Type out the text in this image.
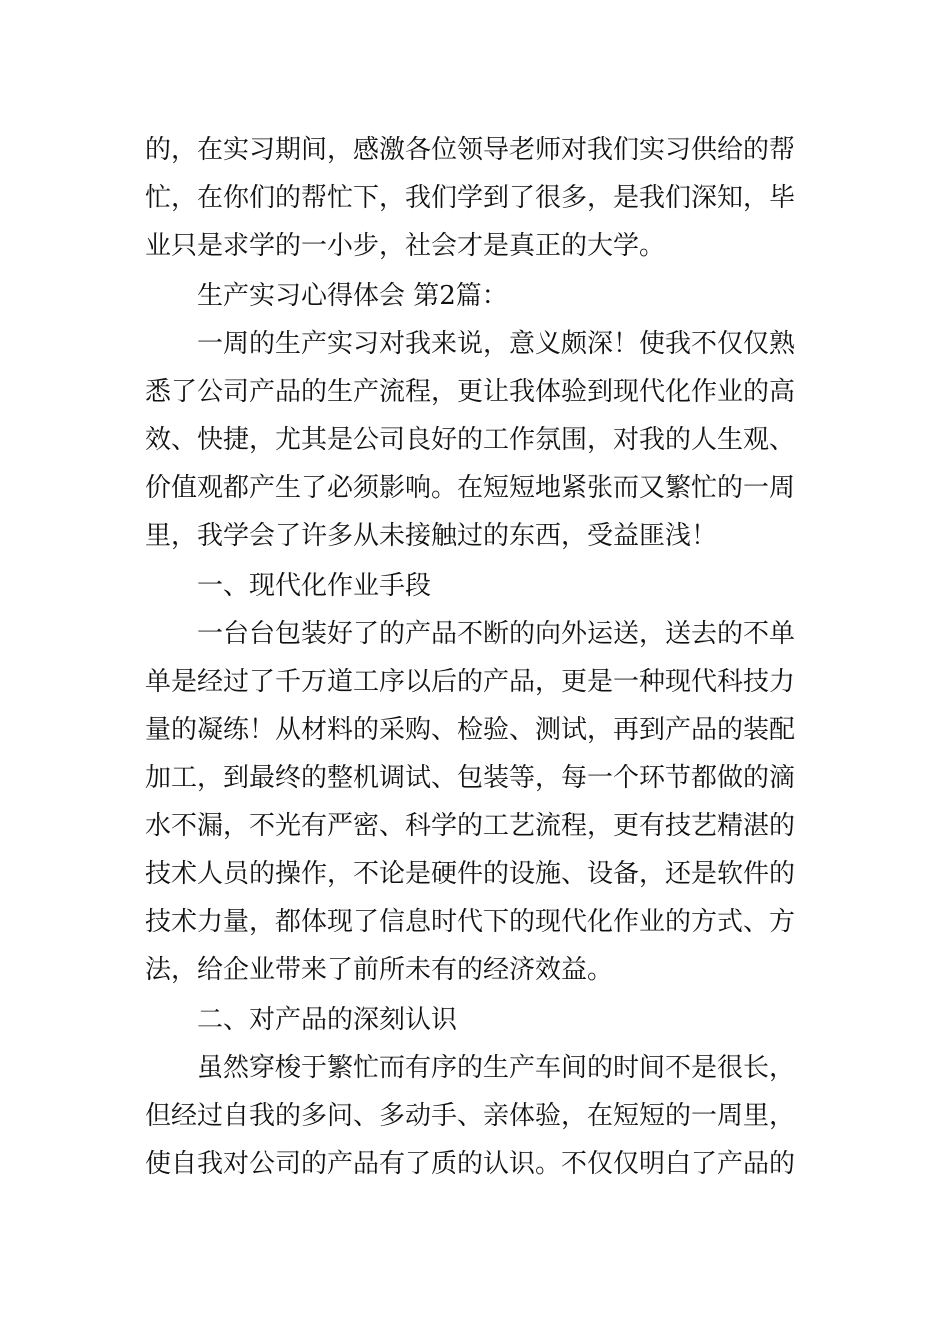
的，在实习期间，感激各位领导老师对我们实习供给的帮
忙，在你们的帮忙下，我们学到了很多，是我们深知，毕
业只是求学的一小步，社会才是真正的大学。
生产实习心得体会 第2篇：
一周的生产实习对我来说，意义颇深！使我不仅仅熟
悉了公司产品的生产流程，更让我体验到现代化作业的高
效、快捷，尤其是公司良好的工作氛围，对我的人生观、
价值观都产生了必须影响。在短短地紧张而又繁忙的一周
里，我学会了许多从未接触过的东西，受益匪浅！
一、现代化作业手段
一台台包装好了的产品不断的向外运送，送去的不单
单是经过了千万道工序以后的产品，更是一种现代科技力
量的凝练！从材料的采购、检验、测试，再到产品的装配
加工，到最终的整机调试、包装等，每一个环节都做的滴
水不漏，不光有严密、科学的工艺流程，更有技艺精湛的
技术人员的操作，不论是硬件的设施、设备，还是软件的
技术力量，都体现了信息时代下的现代化作业的方式、方
法，给企业带来了前所未有的经济效益。
二、对产品的深刻认识
虽然穿梭于繁忙而有序的生产车间的时间不是很长，
但经过自我的多问、多动手、亲体验，在短短的一周里，
使自我对公司的产品有了质的认识。不仅仅明白了产品的
